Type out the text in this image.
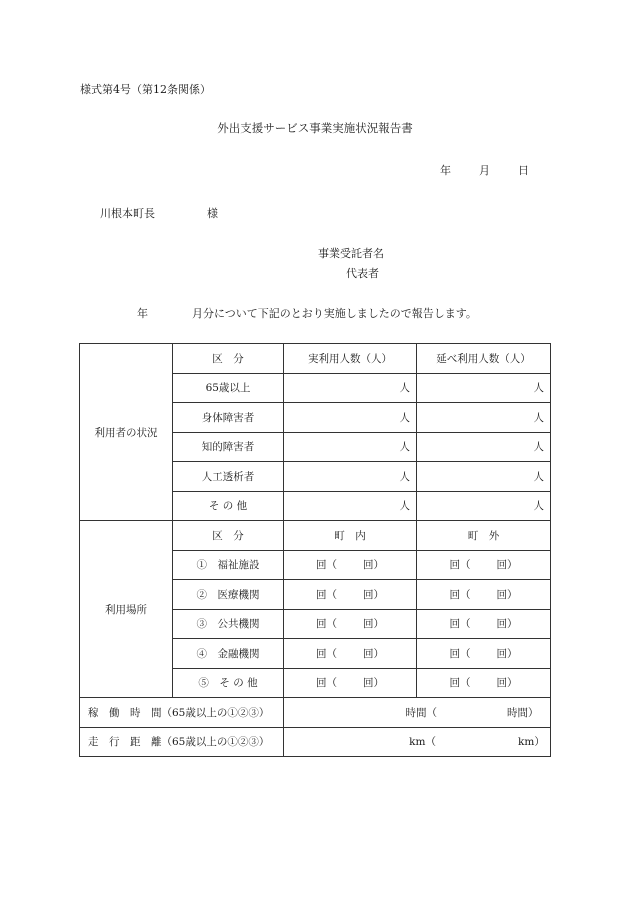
様式第4号（第12条関係）
外出支援サービス事業実施状況報告書
年	月	日
川根本町長	様
事業受託者名
代表者
年	月分について下記のとおり実施しましたので報告します。
利用者の状況	区　分	実利用人数（人）	延べ利用人数（人）
	65歳以上	人	人
	身体障害者	人	人
	知的障害者	人	人
	人工透析者	人	人
	そ の 他	人	人
利用場所	区　分	町　内	町　外
	①　福祉施設	回（ 回）	回（ 回）
	②　医療機関	回（ 回）	回（ 回）
	③　公共機関	回（ 回）	回（ 回）
	④　金融機関	回（ 回）	回（ 回）
	⑤　そ の 他	回（ 回）	回（ 回）
稼　働　時　間（65歳以上の①②③）		時間（ 時間）	
走　行　距　離（65歳以上の①②③）		km（ km）	
